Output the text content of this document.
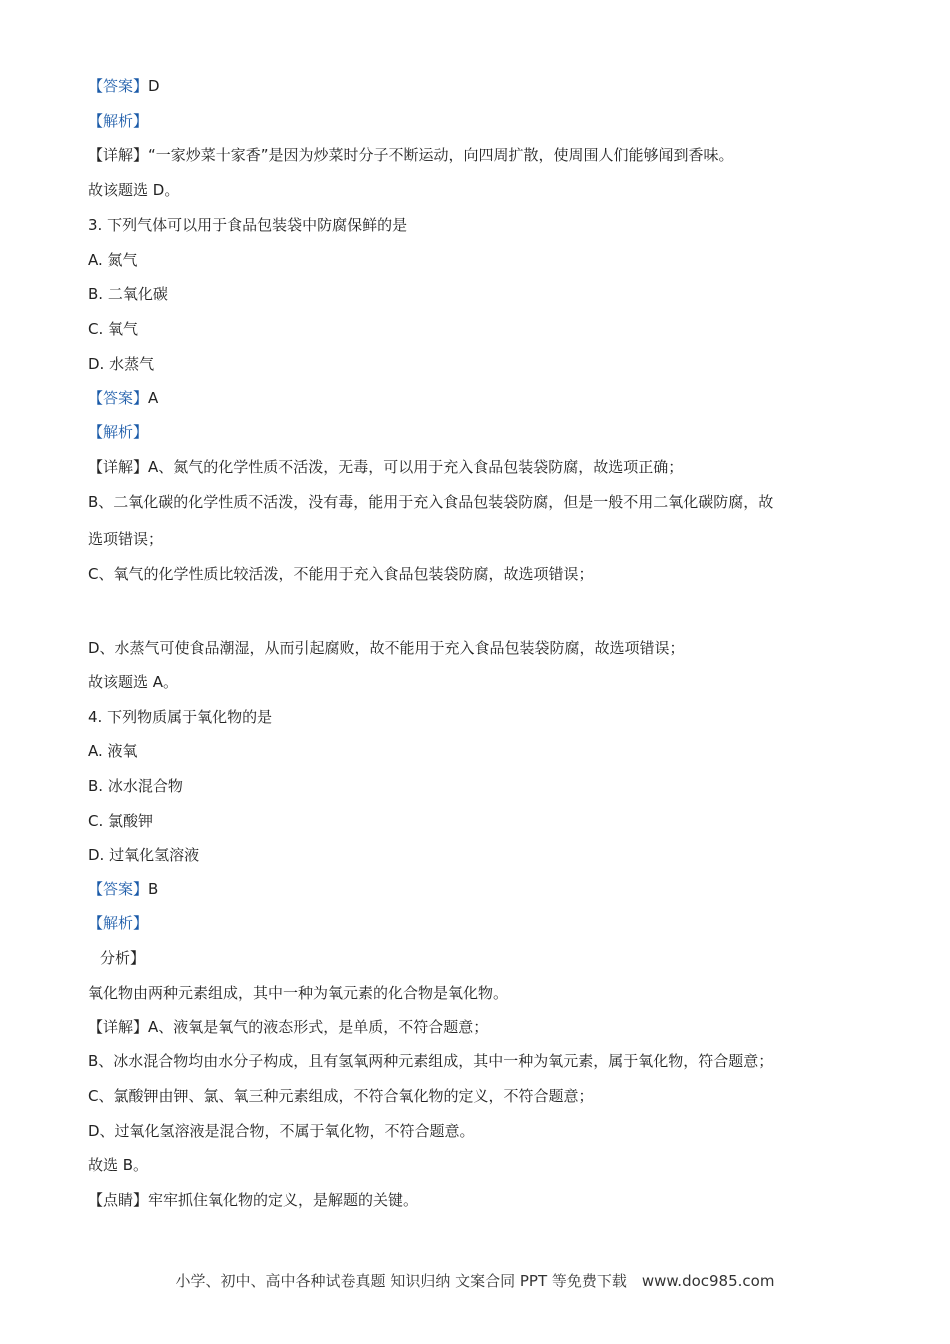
【答案】D
【解析】
【详解】“一家炒菜十家香”是因为炒菜时分子不断运动，向四周扩散，使周围人们能够闻到香味。
故该题选 D。
3. 下列气体可以用于食品包装袋中防腐保鲜的是
A. 氮气
B. 二氧化碳
C. 氧气
D. 水蒸气
【答案】A
【解析】
【详解】A、氮气的化学性质不活泼，无毒，可以用于充入食品包装袋防腐，故选项正确；
B、二氧化碳的化学性质不活泼，没有毒，能用于充入食品包装袋防腐，但是一般不用二氧化碳防腐，故
选项错误；
C、氧气的化学性质比较活泼，不能用于充入食品包装袋防腐，故选项错误；
D、水蒸气可使食品潮湿，从而引起腐败，故不能用于充入食品包装袋防腐，故选项错误；
故该题选 A。
4. 下列物质属于氧化物的是
A. 液氧
B. 冰水混合物
C. 氯酸钾
D. 过氧化氢溶液
【答案】B
【解析】
分析】
氧化物由两种元素组成，其中一种为氧元素的化合物是氧化物。
【详解】A、液氧是氧气的液态形式，是单质，不符合题意；
B、冰水混合物均由水分子构成，且有氢氧两种元素组成，其中一种为氧元素，属于氧化物，符合题意；
C、氯酸钾由钾、氯、氧三种元素组成，不符合氧化物的定义，不符合题意；
D、过氧化氢溶液是混合物，不属于氧化物，不符合题意。
故选 B。
【点睛】牢牢抓住氧化物的定义，是解题的关键。
小学、初中、高中各种试卷真题 知识归纳 文案合同 PPT 等免费下载　www.doc985.com
